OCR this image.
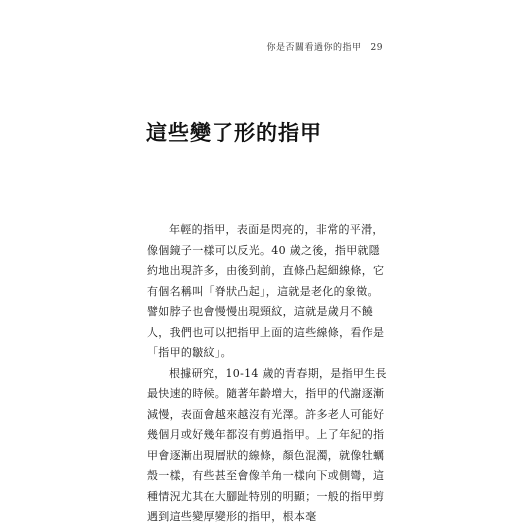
你是否關看過你的指甲 29
這些變了形的指甲

年輕的指甲，表面是閃亮的，非常的平滑，像個鏡子一樣可以反光。40 歲之後，指甲就隱約地出現許多，由後到前，直條凸起細線條，它有個名稱叫「脊狀凸起」，這就是老化的象徵。譬如脖子也會慢慢出現頸紋，這就是歲月不饒人，我們也可以把指甲上面的這些線條，看作是「指甲的皺紋」。

根據研究，10-14 歲的青春期，是指甲生長最快速的時候。隨著年齡增大，指甲的代謝逐漸減慢，表面會越來越沒有光澤。許多老人可能好幾個月或好幾年都沒有剪過指甲。上了年紀的指甲會逐漸出現層狀的線條，顏色混濁，就像牡蠣殼一樣，有些甚至會像羊角一樣向下或側彎，這種情況尤其在大腳趾特別的明顯；一般的指甲剪遇到這些變厚變形的指甲，根本毫
